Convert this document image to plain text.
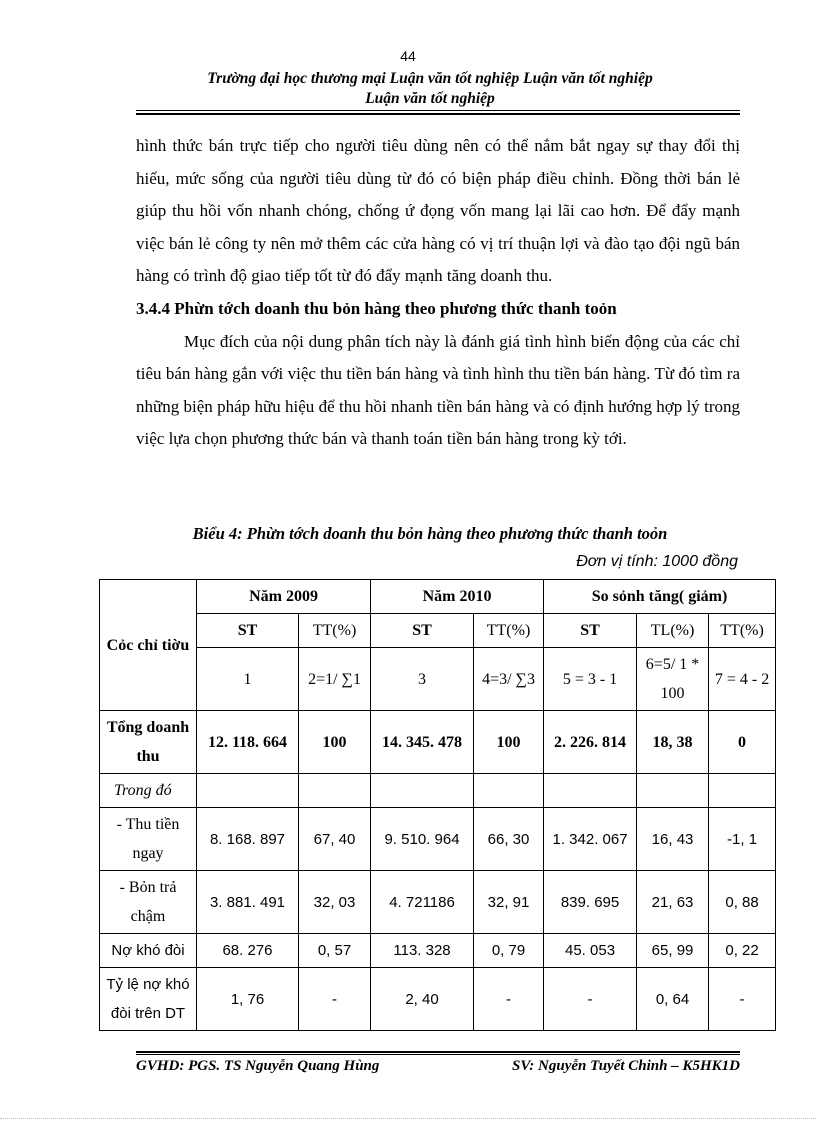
44
Trường đại học thương mại Luận văn tốt nghiệp Luận văn tốt nghiệp
Luận văn tốt nghiệp

hình thức bán trực tiếp cho người tiêu dùng nên có thể nắm bắt ngay sự thay đổi thị hiếu, mức sống của người tiêu dùng từ đó có biện pháp điều chỉnh. Đồng thời bán lẻ giúp thu hồi vốn nhanh chóng, chống ứ đọng vốn mang lại lãi cao hơn. Để đẩy mạnh việc bán lẻ công ty nên mở thêm các cửa hàng có vị trí thuận lợi và đào tạo đội ngũ bán hàng có trình độ giao tiếp tốt từ đó đẩy mạnh tăng doanh thu.

3.4.4 Phừn tớch doanh thu bỏn hàng theo phương thức thanh toỏn

Mục đích của nội dung phân tích này là đánh giá tình hình biến động của các chỉ tiêu bán hàng gắn với việc thu tiền bán hàng và tình hình thu tiền bán hàng. Từ đó tìm ra những biện pháp hữu hiệu để thu hồi nhanh tiền bán hàng và có định hướng hợp lý trong việc lựa chọn phương thức bán và thanh toán tiền bán hàng trong kỳ tới.

Biểu 4: Phừn tớch doanh thu bỏn hàng theo phương thức thanh toỏn
Đơn vị tính: 1000 đồng
Cỏc chỉ tiờu	Năm 2009		Năm 2010		So sỏnh tăng( giảm)		
	ST	TT(%)	ST	TT(%)	ST	TL(%)	TT(%)
	1	2=1/ ∑1	3	4=3/ ∑3	5 = 3 - 1	6=5/ 1 * 100	7 = 4 - 2
Tổng doanh thu	12. 118. 664	100	14. 345. 478	100	2. 226. 814	18, 38	0
Trong đó							
- Thu tiền ngay	8. 168. 897	67, 40	9. 510. 964	66, 30	1. 342. 067	16, 43	-1, 1
- Bỏn trả chậm	3. 881. 491	32, 03	4. 721186	32, 91	839. 695	21, 63	0, 88
Nợ khó đòi	68. 276	0, 57	113. 328	0, 79	45. 053	65, 99	0, 22
Tỷ lệ nợ khó đòi trên DT	1, 76	-	2, 40	-	-	0, 64	-
GVHD: PGS. TS Nguyễn Quang Hùng	SV: Nguyễn Tuyết Chinh – K5HK1D
